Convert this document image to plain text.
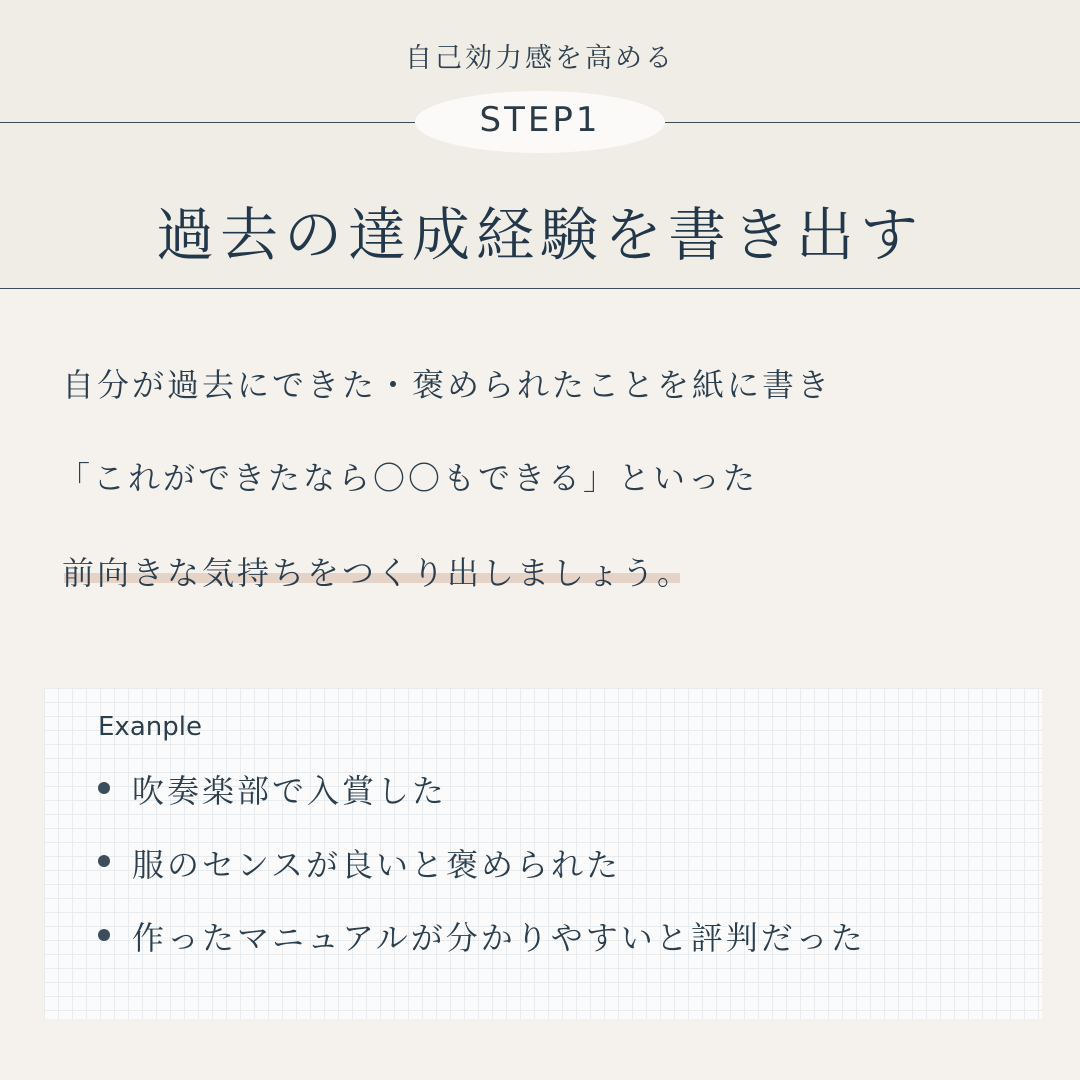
自己効力感を高める
STEP1
過去の達成経験を書き出す
自分が過去にできた・褒められたことを紙に書き
「これができたなら〇〇もできる」といった
前向きな気持ちをつくり出しましょう。
Exanple
吹奏楽部で入賞した
服のセンスが良いと褒められた
作ったマニュアルが分かりやすいと評判だった
